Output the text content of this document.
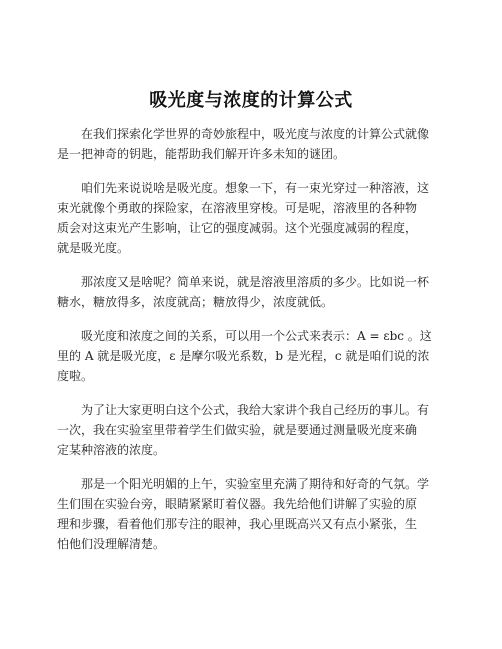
吸光度与浓度的计算公式

在我们探索化学世界的奇妙旅程中，吸光度与浓度的计算公式就像
是一把神奇的钥匙，能帮助我们解开许多未知的谜团。

咱们先来说说啥是吸光度。想象一下，有一束光穿过一种溶液，这
束光就像个勇敢的探险家，在溶液里穿梭。可是呢，溶液里的各种物
质会对这束光产生影响，让它的强度减弱。这个光强度减弱的程度，
就是吸光度。

那浓度又是啥呢？简单来说，就是溶液里溶质的多少。比如说一杯
糖水，糖放得多，浓度就高；糖放得少，浓度就低。

吸光度和浓度之间的关系，可以用一个公式来表示：A = εbc 。这
里的 A 就是吸光度，ε 是摩尔吸光系数，b 是光程，c 就是咱们说的浓
度啦。

为了让大家更明白这个公式，我给大家讲个我自己经历的事儿。有
一次，我在实验室里带着学生们做实验，就是要通过测量吸光度来确
定某种溶液的浓度。

那是一个阳光明媚的上午，实验室里充满了期待和好奇的气氛。学
生们围在实验台旁，眼睛紧紧盯着仪器。我先给他们讲解了实验的原
理和步骤，看着他们那专注的眼神，我心里既高兴又有点小紧张，生
怕他们没理解清楚。
